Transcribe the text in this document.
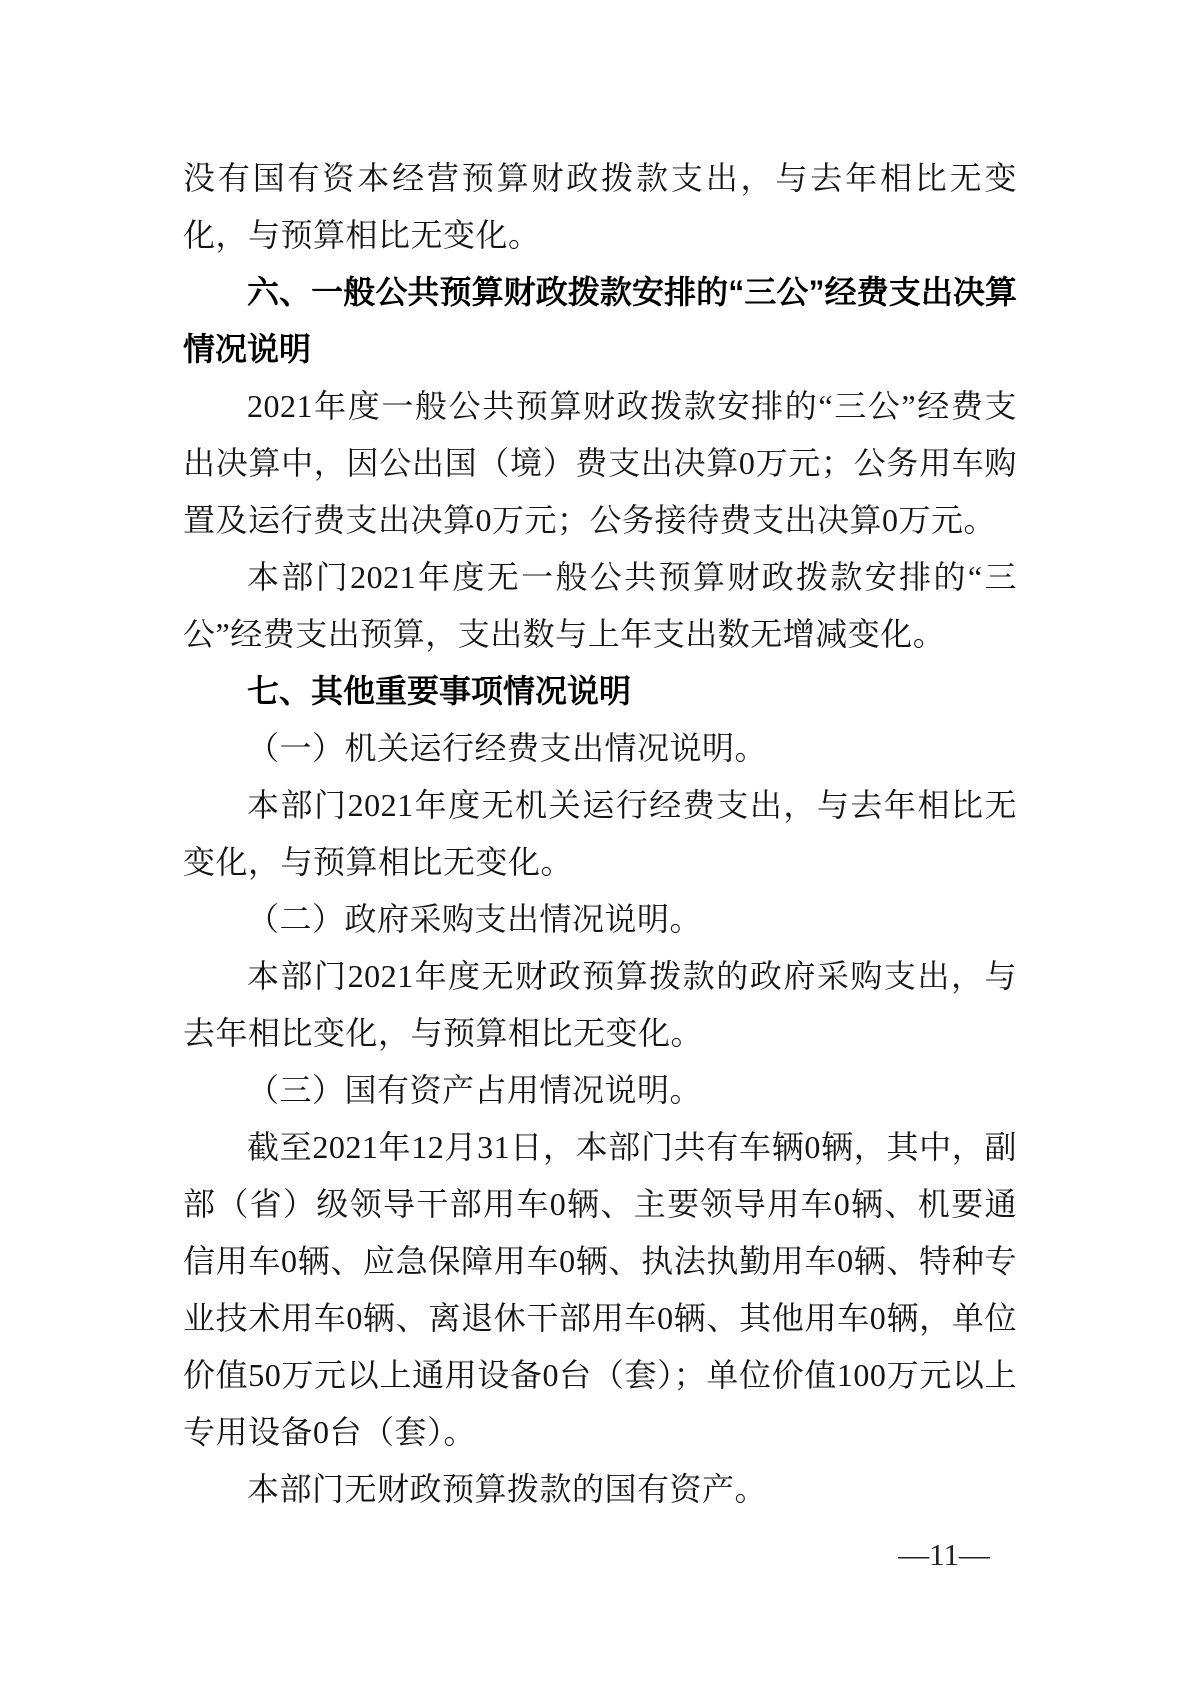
没有国有资本经营预算财政拨款支出，与去年相比无变化，与预算相比无变化。

六、一般公共预算财政拨款安排的“三公”经费支出决算情况说明

2021年度一般公共预算财政拨款安排的“三公”经费支出决算中，因公出国（境）费支出决算0万元；公务用车购置及运行费支出决算0万元；公务接待费支出决算0万元。

本部门2021年度无一般公共预算财政拨款安排的“三公”经费支出预算，支出数与上年支出数无增减变化。

七、其他重要事项情况说明

（一）机关运行经费支出情况说明。

本部门2021年度无机关运行经费支出，与去年相比无变化，与预算相比无变化。

（二）政府采购支出情况说明。

本部门2021年度无财政预算拨款的政府采购支出，与去年相比变化，与预算相比无变化。

（三）国有资产占用情况说明。

截至2021年12月31日，本部门共有车辆0辆，其中，副部（省）级领导干部用车0辆、主要领导用车0辆、机要通信用车0辆、应急保障用车0辆、执法执勤用车0辆、特种专业技术用车0辆、离退休干部用车0辆、其他用车0辆，单位价值50万元以上通用设备0台（套）；单位价值100万元以上专用设备0台（套）。

本部门无财政预算拨款的国有资产。

—11—
